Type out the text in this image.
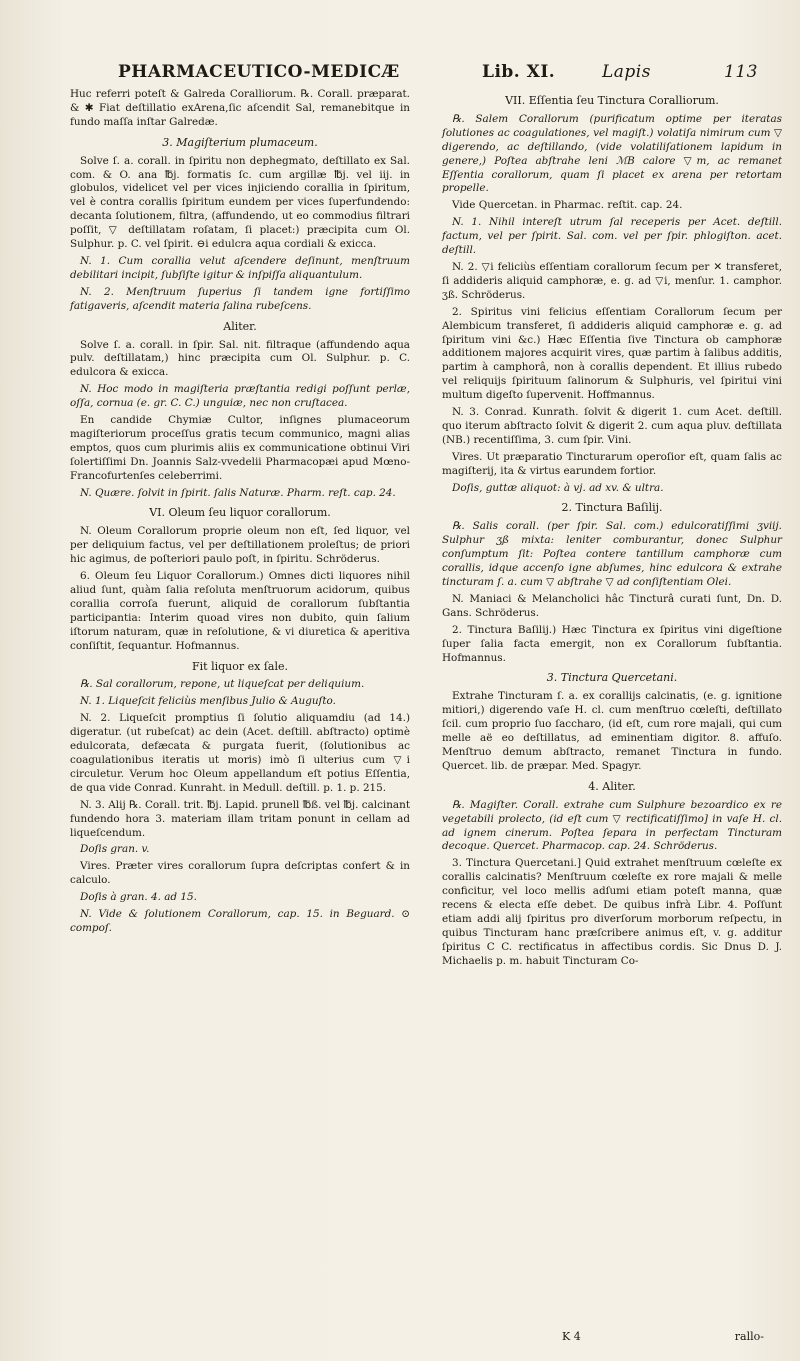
PHARMACEUTICO-MEDICÆ	Lib. XI.	Lapis	113

Huc referri poteſt & Galreda Coralliorum. ℞. Corall. præparat. & ✱ Fiat deſtillatio exArena,ſic aſcendit Sal, remanebitque in fundo maſſa inſtar Galredæ.

3. Magiſterium plumaceum.

Solve ſ. a. corall. in ſpiritu non dephegmato, deſtillato ex Sal. com. & O. ana ℔j. formatis ſc. cum argillæ ℔j. vel iij. in globulos, videlicet vel per vices injiciendo corallia in ſpiritum, vel è contra corallis ſpiritum eundem per vices ſuperfundendo: decanta ſolutionem, filtra, (affundendo, ut eo commodius filtrari poſſit, ▽ deſtillatam roſatam, ſi placet:) præcipita cum Ol. Sulphur. p. C. vel ſpirit. ⊖i edulcra aqua cordiali & exicca.

N. 1. Cum corallia velut aſcendere deſinunt, menſtruum debilitari incipit, ſubſiſte igitur & inſpiſſa aliquantulum.

N. 2. Menſtruum ſuperius ſi tandem igne fortiſſimo fatigaveris, aſcendit materia ſalina rubeſcens.

Aliter.

Solve ſ. a. corall. in ſpir. Sal. nit. filtraque (affundendo aqua pulv. deſtillatam,) hinc præcipita cum Ol. Sulphur. p. C. edulcora & exicca.

N. Hoc modo in magiſteria præſtantia redigi poſſunt perlæ, oſſa, cornua (e. gr. C. C.) unguiæ, nec non cruſtacea.

En candide Chymiæ Cultor, inſignes plumaceorum magiſteriorum proceſſus gratis tecum communico, magni alias emptos, quos cum plurimis aliis ex communicatione obtinui Viri ſolertiſſimi Dn. Joannis Salz-vvedelii Pharmacopæi apud Mœno-Francofurtenſes celeberrimi.

N. Quære. ſolvit in ſpirit. ſalis Naturæ. Pharm. reſt. cap. 24.

VI. Oleum ſeu liquor corallorum.

N. Oleum Corallorum proprie oleum non eſt, ſed liquor, vel per deliquium factus, vel per deſtillationem proleſtus; de priori hic agimus, de poſteriori paulo poſt, in ſpiritu. Schröderus.

6. Oleum ſeu Liquor Corallorum.) Omnes dicti liquores nihil aliud ſunt, quàm ſalia reſoluta menſtruorum acidorum, quibus corallia corroſa fuerunt, aliquid de corallorum ſubſtantia participantia: Interim quoad vires non dubito, quin ſalium iſtorum naturam, quæ in reſolutione, & vi diuretica & aperitiva conſiſtit, ſequantur. Hofmannus.

Fit liquor ex ſale.

℞. Sal corallorum, repone, ut liqueſcat per deliquium.

N. 1. Liqueſcit feliciùs menſibus Julio & Auguſto.

N. 2. Liqueſcit promptius ſi ſolutio aliquamdiu (ad 14.) digeratur. (ut rubeſcat) ac dein (Acet. deſtill. abſtracto) optimè edulcorata, defæcata & purgata fuerit, (ſolutionibus ac coagulationibus iteratis ut moris) imò ſi ulterius cum ▽i circuletur. Verum hoc Oleum appellandum eſt potius Eſſentia, de qua vide Conrad. Kunraht. in Medull. deſtill. p. 1. p. 215.

N. 3. Alij ℞. Corall. trit. ℔j. Lapid. prunell ℔ß. vel ℔j. calcinant fundendo hora 3. materiam illam tritam ponunt in cellam ad liqueſcendum.

Doſis gran. v.

Vires. Præter vires corallorum ſupra deſcriptas confert & in calculo.

Doſis à gran. 4. ad 15.

N. Vide & ſolutionem Corallorum, cap. 15. in Beguard. ⊙ compoſ.

VII. Eſſentia ſeu Tinctura Coralliorum.

℞. Salem Corallorum (purificatum optime per iteratas ſolutiones ac coagulationes, vel magiſt.) volatiſa nimirum cum ▽ digerendo, ac deſtillando, (vide volatiliſationem lapidum in genere,) Poſtea abſtrahe leni ℳB calore ▽m, ac remanet Eſſentia corallorum, quam ſi placet ex arena per retortam propelle.

Vide Quercetan. in Pharmac. reſtit. cap. 24.

N. 1. Nihil intereſt utrum ſal receperis per Acet. deſtill. factum, vel per ſpirit. Sal. com. vel per ſpir. phlogiſton. acet. deſtill.

N. 2. ▽i feliciùs eſſentiam corallorum ſecum per ✕ transferet, ſi addideris aliquid camphoræ, e. g. ad ▽i, menſur. 1. camphor. ʒß. Schröderus.

2. Spiritus vini felicius eſſentiam Corallorum ſecum per Alembicum transferet, ſi addideris aliquid camphoræ e. g. ad ſpiritum vini &c.) Hæc Eſſentia ſive Tinctura ob camphoræ additionem majores acquirit vires, quæ partim à ſalibus additis, partim à camphorâ, non à corallis dependent. Et illius rubedo vel reliquijs ſpirituum ſalinorum & Sulphuris, vel ſpiritui vini multum digeſto ſupervenit. Hoffmannus.

N. 3. Conrad. Kunrath. ſolvit & digerit 1. cum Acet. deſtill. quo iterum abſtracto ſolvit & digerit 2. cum aqua pluv. deſtillata (NB.) recentiſſima, 3. cum ſpir. Vini.

Vires. Ut præparatio Tincturarum operoſior eſt, quam ſalis ac magiſterij, ita & virtus earundem fortior.

Doſis, guttæ aliquot: à vj. ad xv. & ultra.

2. Tinctura Baſilij.

℞. Salis corall. (per ſpir. Sal. com.) edulcoratiſſimi ʒviij. Sulphur ʒß mixta: leniter comburantur, donec Sulphur conſumptum ſit: Poſtea contere tantillum camphoræ cum corallis, idque accenſo igne abſumes, hinc edulcora & extrahe tincturam ſ. a. cum ▽ abſtrahe ▽ ad conſiſtentiam Olei.

N. Maniaci & Melancholici hâc Tincturâ curati ſunt, Dn. D. Gans. Schröderus.

2. Tinctura Baſilij.) Hæc Tinctura ex ſpiritus vini digeſtione ſuper ſalia facta emergit, non ex Corallorum ſubſtantia. Hofmannus.

3. Tinctura Quercetani.

Extrahe Tincturam ſ. a. ex corallijs calcinatis, (e. g. ignitione mitiori,) digerendo vaſe H. cl. cum menſtruo cœleſti, deſtillato ſcil. cum proprio ſuo ſaccharo, (id eſt, cum rore majali, qui cum melle aë eo deſtillatus, ad eminentiam digitor. 8. affuſo. Menſtruo demum abſtracto, remanet Tinctura in fundo. Quercet. lib. de præpar. Med. Spagyr.

4. Aliter.

℞. Magiſter. Corall. extrahe cum Sulphure bezoardico ex re vegetabili prolecto, (id eſt cum ▽ rectificatiſſimo] in vaſe H. cl. ad ignem cinerum. Poſtea ſepara in perfectam Tincturam decoque. Quercet. Pharmacop. cap. 24. Schröderus.

3. Tinctura Quercetani.] Quid extrahet menſtruum cœleſte ex corallis calcinatis? Menſtruum cœleſte ex rore majali & melle conficitur, vel loco mellis adſumi etiam poteſt manna, quæ recens & electa eſſe debet. De quibus infrà Libr. 4. Poſſunt etiam addi alij ſpiritus pro diverſorum morborum reſpectu, in quibus Tincturam hanc præſcribere animus eſt, v. g. additur ſpiritus C C. rectificatus in affectibus cordis. Sic Dnus D. J. Michaelis p. m. habuit Tincturam Co-

K 4	rallo-
